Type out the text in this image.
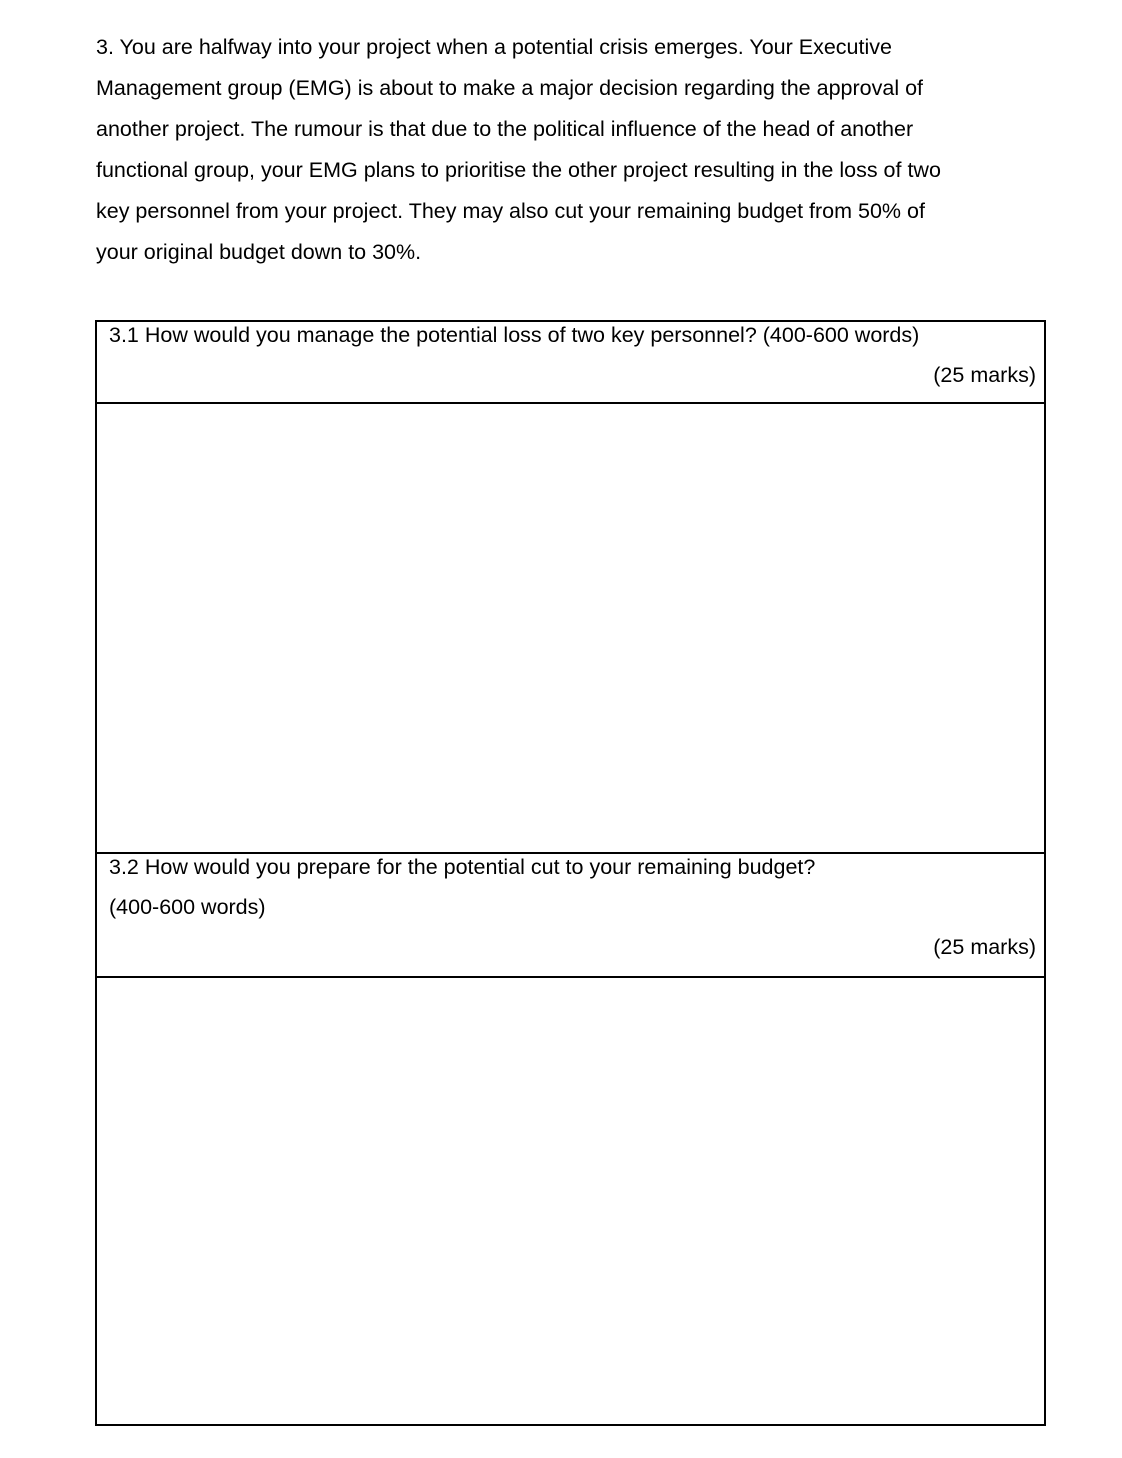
3. You are halfway into your project when a potential crisis emerges. Your Executive
Management group (EMG) is about to make a major decision regarding the approval of
another project. The rumour is that due to the political influence of the head of another
functional group, your EMG plans to prioritise the other project resulting in the loss of two
key personnel from your project. They may also cut your remaining budget from 50% of
your original budget down to 30%.

3.1 How would you manage the potential loss of two key personnel? (400-600 words)
(25 marks)

3.2 How would you prepare for the potential cut to your remaining budget?
(400-600 words)
(25 marks)
